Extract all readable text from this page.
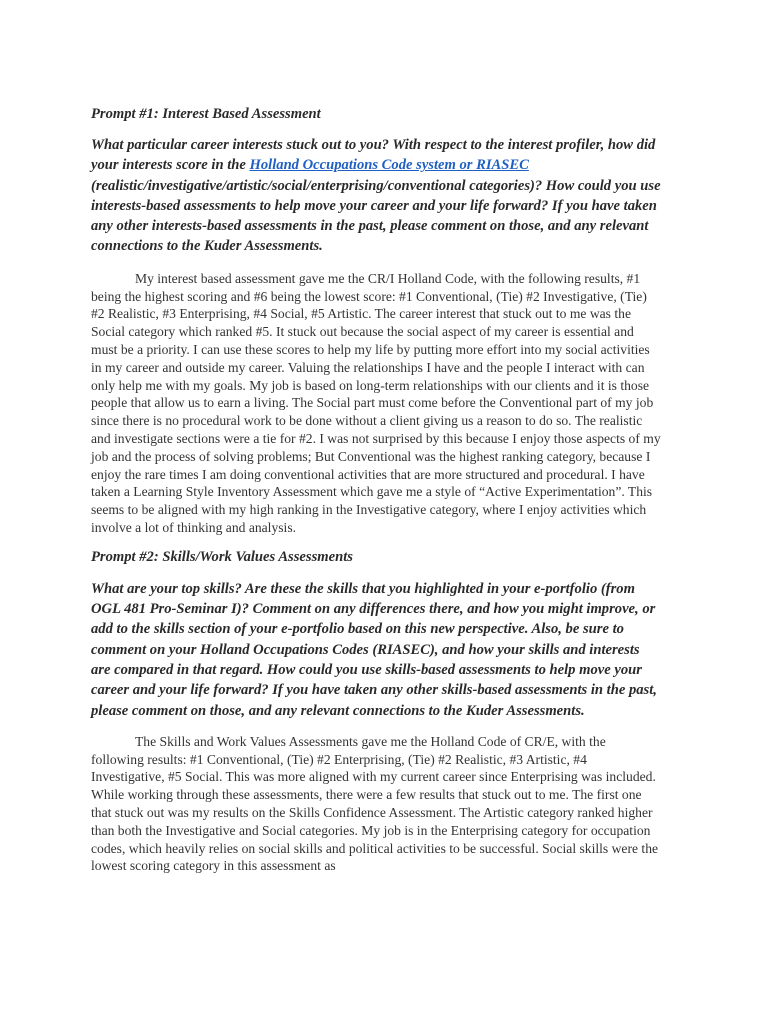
Prompt #1: Interest Based Assessment

What particular career interests stuck out to you? With respect to the interest profiler, how did your interests score in the Holland Occupations Code system or RIASEC (realistic/investigative/artistic/social/enterprising/conventional categories)? How could you use interests-based assessments to help move your career and your life forward? If you have taken any other interests-based assessments in the past, please comment on those, and any relevant connections to the Kuder Assessments.

My interest based assessment gave me the CR/I Holland Code, with the following results, #1 being the highest scoring and #6 being the lowest score: #1 Conventional, (Tie) #2 Investigative, (Tie) #2 Realistic, #3 Enterprising, #4 Social, #5 Artistic. The career interest that stuck out to me was the Social category which ranked #5. It stuck out because the social aspect of my career is essential and must be a priority. I can use these scores to help my life by putting more effort into my social activities in my career and outside my career. Valuing the relationships I have and the people I interact with can only help me with my goals. My job is based on long-term relationships with our clients and it is those people that allow us to earn a living. The Social part must come before the Conventional part of my job since there is no procedural work to be done without a client giving us a reason to do so. The realistic and investigate sections were a tie for #2. I was not surprised by this because I enjoy those aspects of my job and the process of solving problems; But Conventional was the highest ranking category, because I enjoy the rare times I am doing conventional activities that are more structured and procedural. I have taken a Learning Style Inventory Assessment which gave me a style of “Active Experimentation”. This seems to be aligned with my high ranking in the Investigative category, where I enjoy activities which involve a lot of thinking and analysis.

Prompt #2: Skills/Work Values Assessments

What are your top skills? Are these the skills that you highlighted in your e-portfolio (from OGL 481 Pro-Seminar I)? Comment on any differences there, and how you might improve, or add to the skills section of your e-portfolio based on this new perspective. Also, be sure to comment on your Holland Occupations Codes (RIASEC), and how your skills and interests are compared in that regard. How could you use skills-based assessments to help move your career and your life forward? If you have taken any other skills-based assessments in the past, please comment on those, and any relevant connections to the Kuder Assessments.

The Skills and Work Values Assessments gave me the Holland Code of CR/E, with the following results: #1 Conventional, (Tie) #2 Enterprising, (Tie) #2 Realistic, #3 Artistic, #4 Investigative, #5 Social. This was more aligned with my current career since Enterprising was included. While working through these assessments, there were a few results that stuck out to me. The first one that stuck out was my results on the Skills Confidence Assessment. The Artistic category ranked higher than both the Investigative and Social categories. My job is in the Enterprising category for occupation codes, which heavily relies on social skills and political activities to be successful. Social skills were the lowest scoring category in this assessment as
